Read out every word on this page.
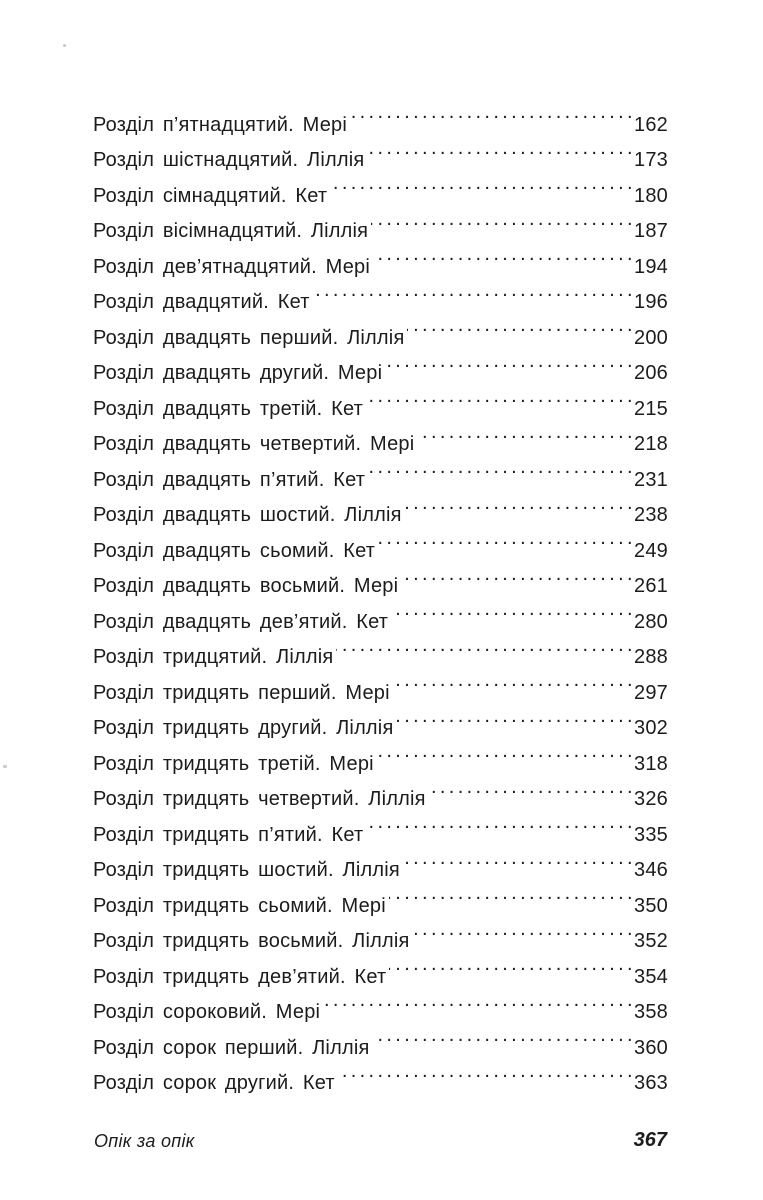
Розділ п’ятнадцятий. Мері . . .	162
Розділ шістнадцятий. Ліллія . . .	173
Розділ сімнадцятий. Кет . . .	180
Розділ вісімнадцятий. Ліллія . . .	187
Розділ дев’ятнадцятий. Мері . . .	194
Розділ двадцятий. Кет . . .	196
Розділ двадцять перший. Ліллія . . .	200
Розділ двадцять другий. Мері . . .	206
Розділ двадцять третій. Кет . . .	215
Розділ двадцять четвертий. Мері . . .	218
Розділ двадцять п’ятий. Кет . . .	231
Розділ двадцять шостий. Ліллія . . .	238
Розділ двадцять сьомий. Кет . . .	249
Розділ двадцять восьмий. Мері . . .	261
Розділ двадцять дев’ятий. Кет . . .	280
Розділ тридцятий. Ліллія . . .	288
Розділ тридцять перший. Мері . . .	297
Розділ тридцять другий. Ліллія . . .	302
Розділ тридцять третій. Мері . . .	318
Розділ тридцять четвертий. Ліллія . . .	326
Розділ тридцять п’ятий. Кет . . .	335
Розділ тридцять шостий. Ліллія . . .	346
Розділ тридцять сьомий. Мері . . .	350
Розділ тридцять восьмий. Ліллія . . .	352
Розділ тридцять дев’ятий. Кет . . .	354
Розділ сороковий. Мері . . .	358
Розділ сорок перший. Ліллія . . .	360
Розділ сорок другий. Кет . . .	363
Опік за опік	367
